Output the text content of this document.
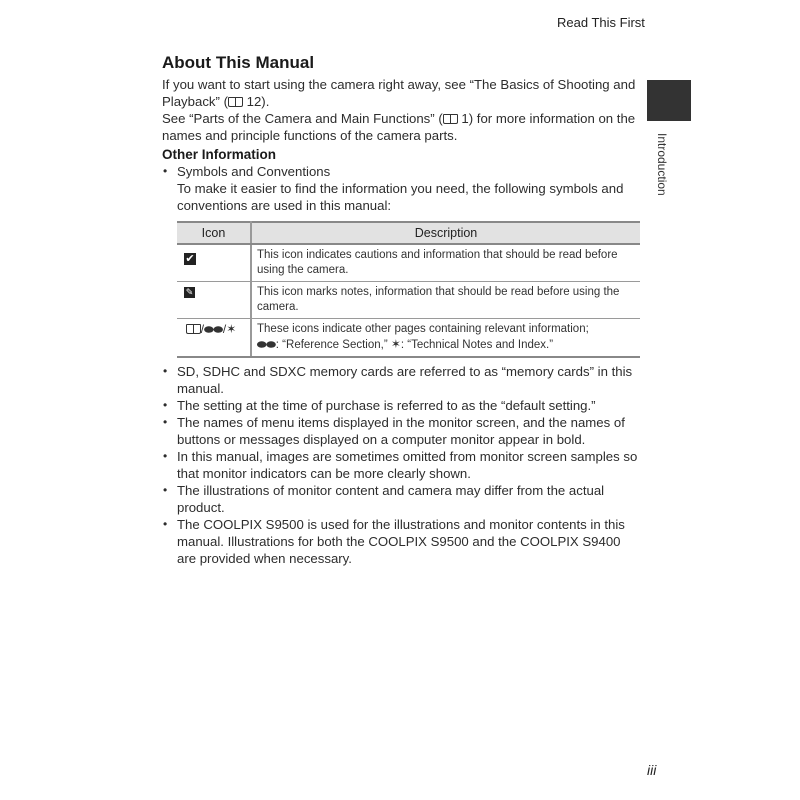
Read This First
Introduction
About This Manual

If you want to start using the camera right away, see “The Basics of Shooting and Playback” ( 12).

See “Parts of the Camera and Main Functions” ( 1) for more information on the names and principle functions of the camera parts.

Other Information
• Symbols and Conventions
To make it easier to find the information you need, the following symbols and conventions are used in this manual:
Icon	Description
✔	This icon indicates cautions and information that should be read before using the camera.
✎	This icon marks notes, information that should be read before using the camera.
/⬬⬬/✶	These icons indicate other pages containing relevant information;
⬬⬬: “Reference Section,” ✶: “Technical Notes and Index.”
• SD, SDHC and SDXC memory cards are referred to as “memory cards” in this manual.
• The setting at the time of purchase is referred to as the “default setting.”
• The names of menu items displayed in the monitor screen, and the names of buttons or messages displayed on a computer monitor appear in bold.
• In this manual, images are sometimes omitted from monitor screen samples so that monitor indicators can be more clearly shown.
• The illustrations of monitor content and camera may differ from the actual product.
• The COOLPIX S9500 is used for the illustrations and monitor contents in this manual. Illustrations for both the COOLPIX S9500 and the COOLPIX S9400 are provided when necessary.
iii
